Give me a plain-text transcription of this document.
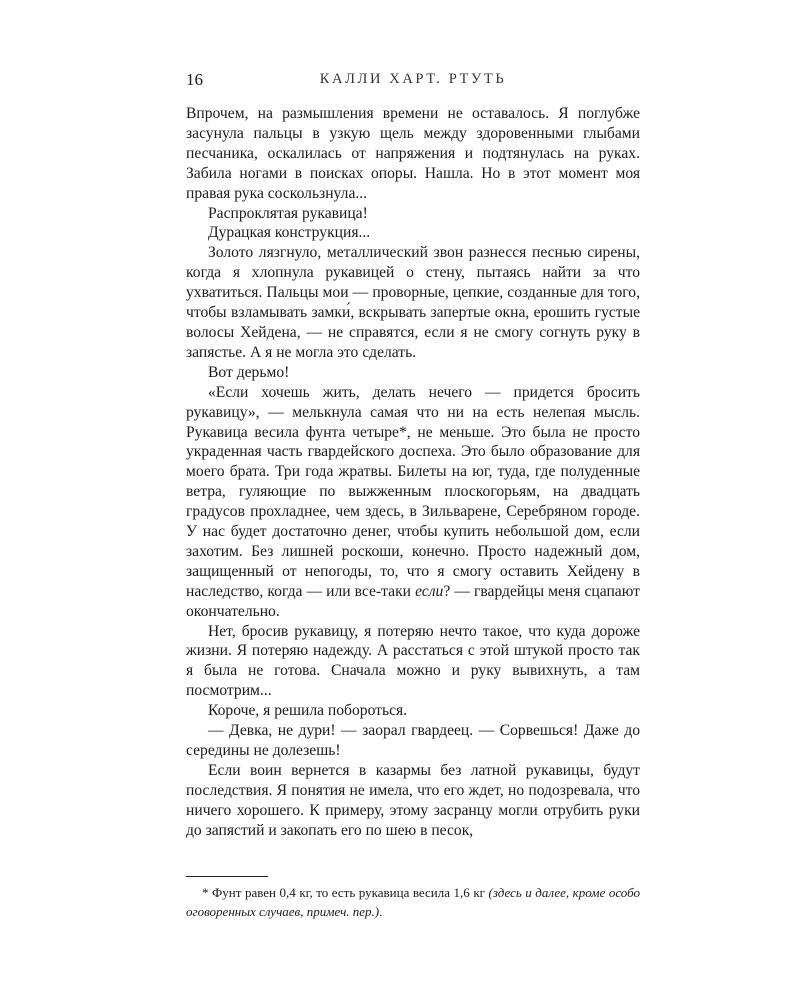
16	КАЛЛИ ХАРТ. РТУТЬ

Впрочем, на размышления времени не оставалось. Я поглубже засунула пальцы в узкую щель между здоровенными глыбами песчаника, оскалилась от напряжения и подтянулась на руках. Забила ногами в поисках опоры. Нашла. Но в этот момент моя правая рука соскользнула...

Распроклятая рукавица!

Дурацкая конструкция...

Золото лязгнуло, металлический звон разнесся песнью сирены, когда я хлопнула рукавицей о стену, пытаясь найти за что ухватиться. Пальцы мои — проворные, цепкие, созданные для того, чтобы взламывать замки́, вскрывать запертые окна, ерошить густые волосы Хейдена, — не справятся, если я не смогу согнуть руку в запястье. А я не могла это сделать.

Вот дерьмо!

«Если хочешь жить, делать нечего — придется бросить рукавицу», — мелькнула самая что ни на есть нелепая мысль. Рукавица весила фунта четыре*, не меньше. Это была не просто украденная часть гвардейского доспеха. Это было образование для моего брата. Три года жратвы. Билеты на юг, туда, где полуденные ветра, гуляющие по выжженным плоскогорьям, на двадцать градусов прохладнее, чем здесь, в Зильварене, Серебряном городе. У нас будет достаточно денег, чтобы купить небольшой дом, если захотим. Без лишней роскоши, конечно. Просто надежный дом, защищенный от непогоды, то, что я смогу оставить Хейдену в наследство, когда — или все-таки если? — гвардейцы меня сцапают окончательно.

Нет, бросив рукавицу, я потеряю нечто такое, что куда дороже жизни. Я потеряю надежду. А расстаться с этой штукой просто так я была не готова. Сначала можно и руку вывихнуть, а там посмотрим...

Короче, я решила побороться.

— Девка, не дури! — заорал гвардеец. — Сорвешься! Даже до середины не долезешь!

Если воин вернется в казармы без латной рукавицы, будут последствия. Я понятия не имела, что его ждет, но подозревала, что ничего хорошего. К примеру, этому засранцу могли отрубить руки до запястий и закопать его по шею в песок,

* Фунт равен 0,4 кг, то есть рукавица весила 1,6 кг (здесь и далее, кроме особо оговоренных случаев, примеч. пер.).
